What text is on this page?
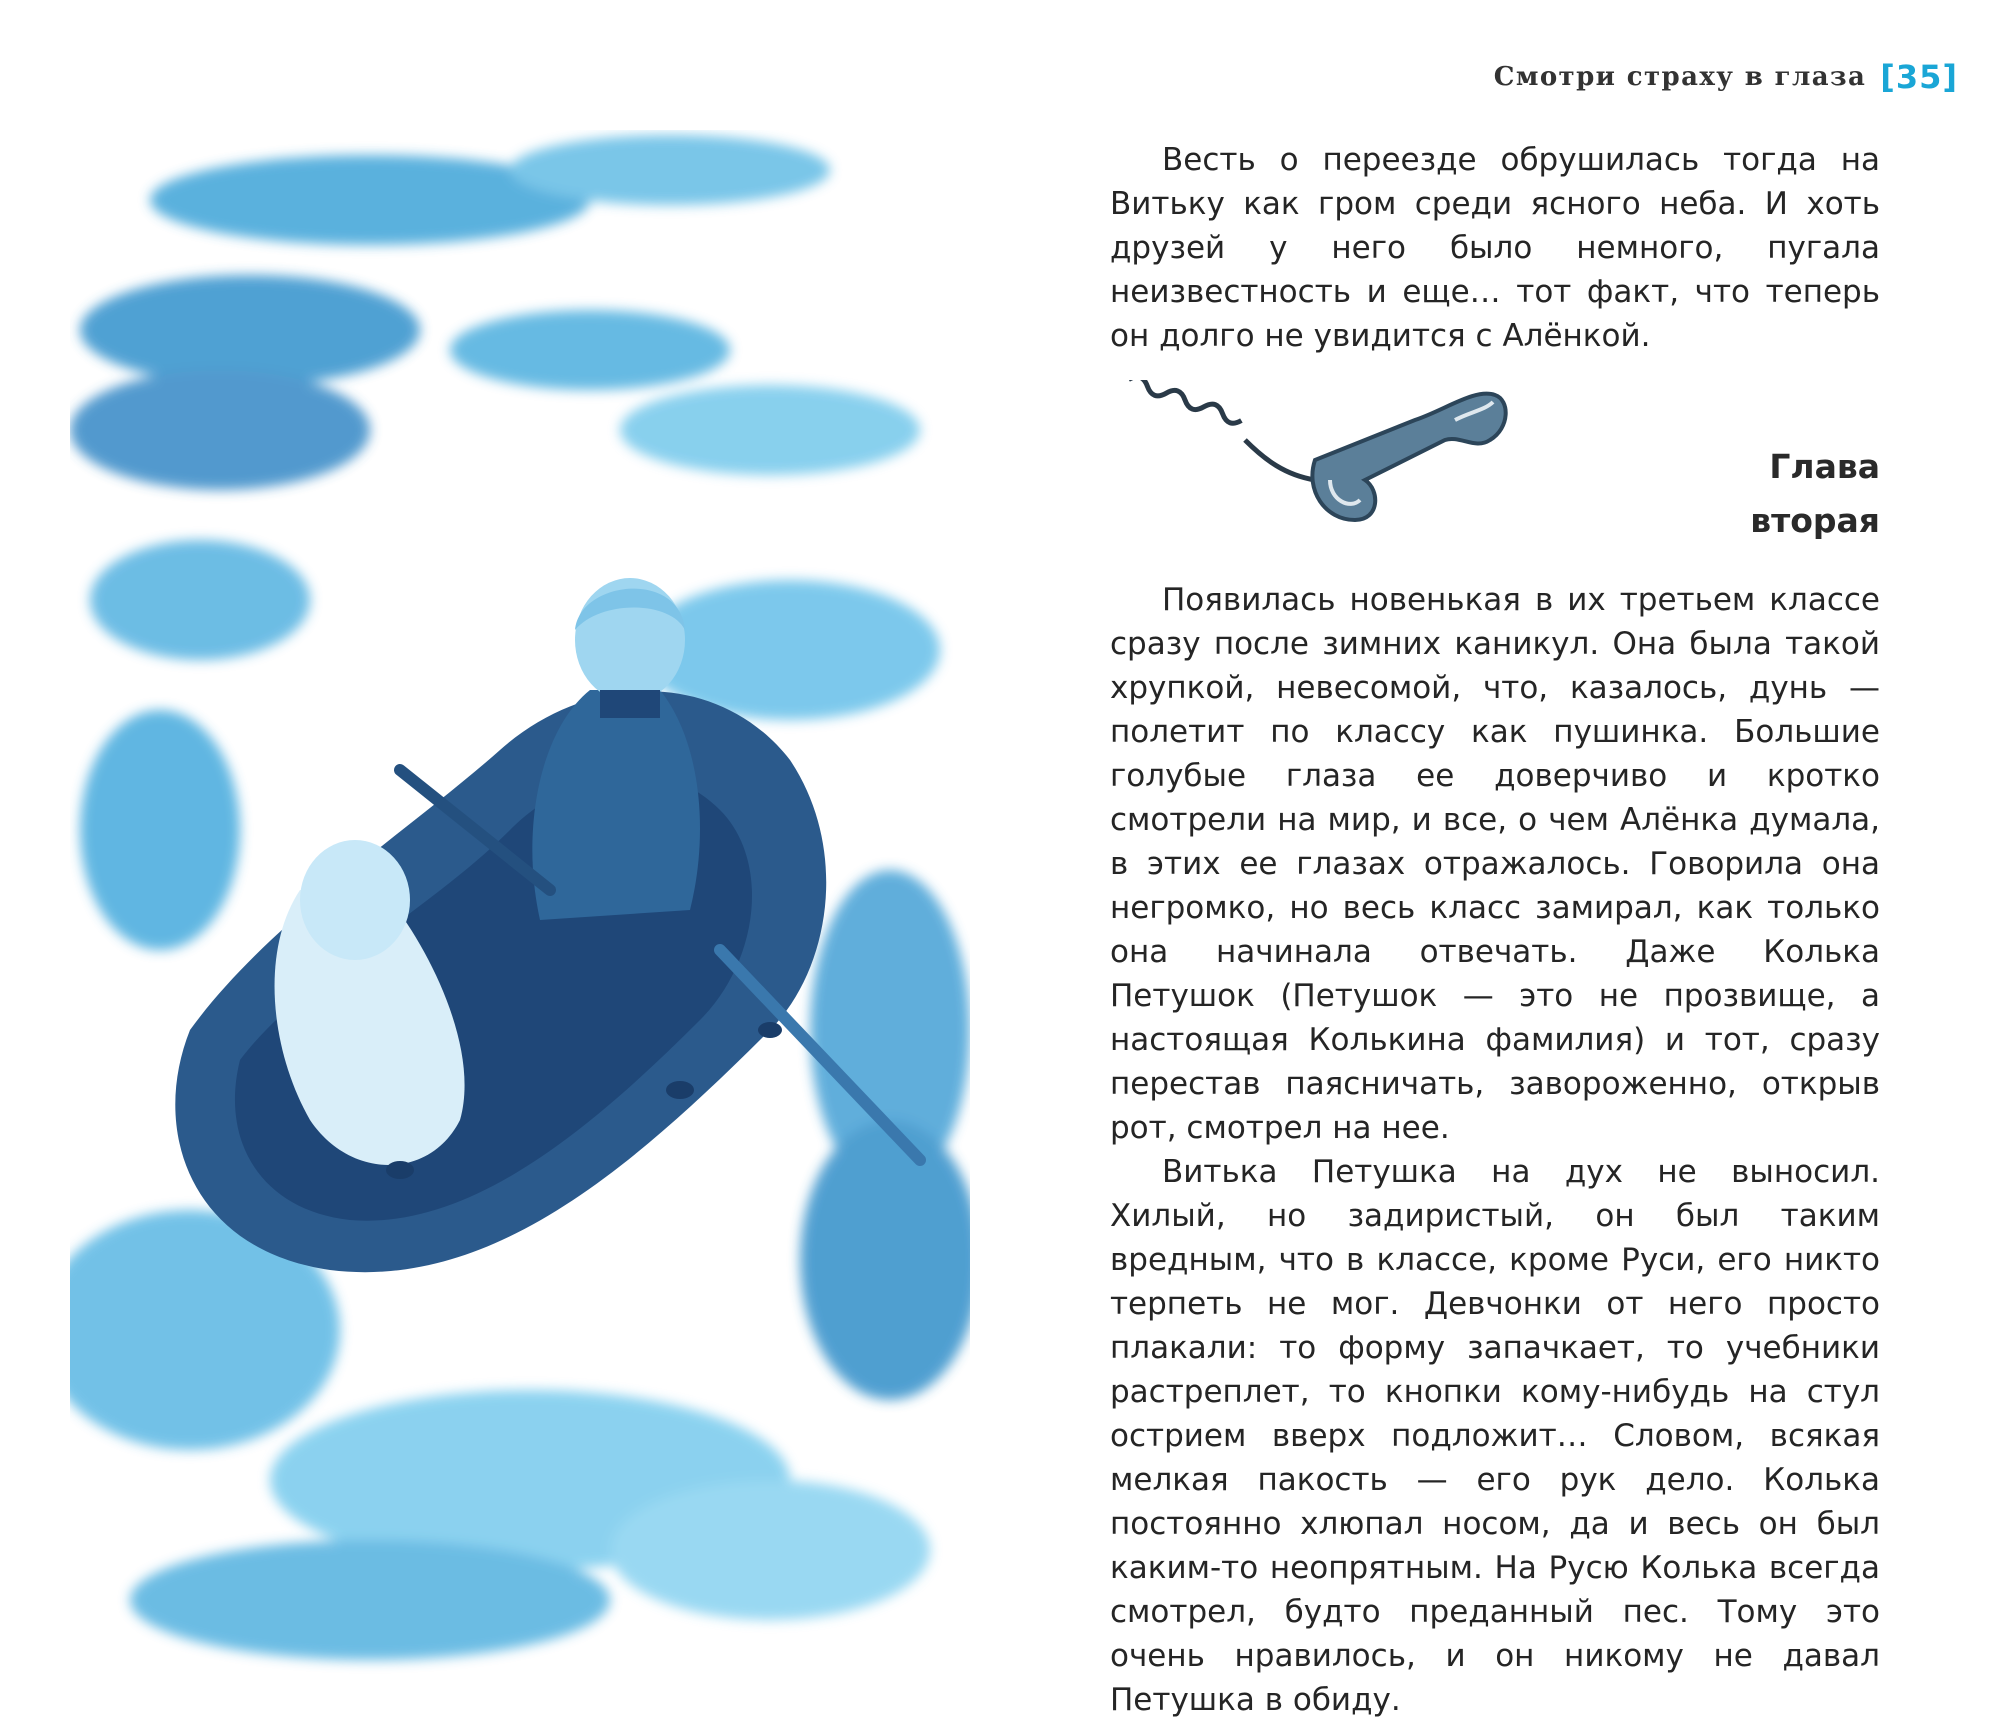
Смотри страху в глаза [35]

Весть о переезде обрушилась тогда на Витьку как гром среди ясного неба. И хоть друзей у него было немного, пугала неизвестность и еще… тот факт, что теперь он долго не увидится с Алёнкой.

Глава
вторая

Появилась новенькая в их третьем классе сразу после зимних каникул. Она была такой хрупкой, невесомой, что, казалось, дунь — полетит по классу как пушинка. Большие голубые глаза ее доверчиво и кротко смотрели на мир, и все, о чем Алёнка думала, в этих ее глазах отражалось. Говорила она негромко, но весь класс замирал, как только она начинала отвечать. Даже Колька Петушок (Петушок — это не прозвище, а настоящая Колькина фамилия) и тот, сразу перестав паясничать, завороженно, открыв рот, смотрел на нее.

Витька Петушка на дух не выносил. Хилый, но задиристый, он был таким вредным, что в классе, кроме Руси, его никто терпеть не мог. Девчонки от него просто плакали: то форму запачкает, то учебники растреплет, то кнопки кому-нибудь на стул острием вверх подложит… Словом, всякая мелкая пакость — его рук дело. Колька постоянно хлюпал носом, да и весь он был каким-то неопрятным. На Русю Колька всегда смотрел, будто преданный пес. Тому это очень нравилось, и он никому не давал Петушка в обиду.
